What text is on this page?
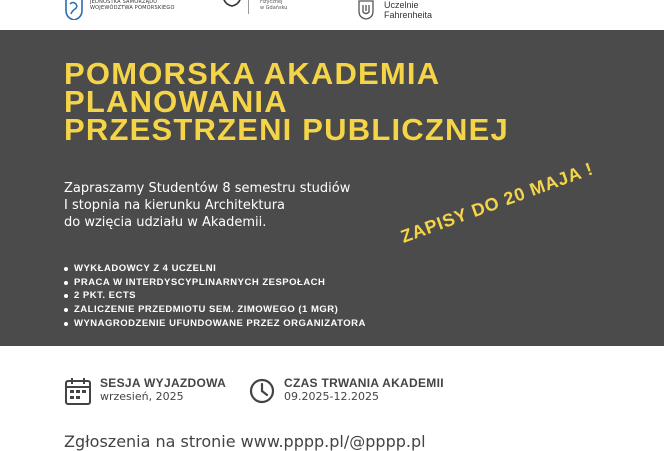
JEDNOSTKA SAMORZĄDU
WOJEWÓDZTWA POMORSKIEGO
Fizycznej
w Gdańsku	Uczelnie
Fahrenheita
POMORSKA AKADEMIA
PLANOWANIA
PRZESTRZENI PUBLICZNEJ
Zapraszamy Studentów 8 semestru studiów
I stopnia na kierunku Architektura
do wzięcia udziału w Akademii.
WYKŁADOWCY Z 4 UCZELNI
PRACA W INTERDYSCYPLINARNYCH ZESPOŁACH
2 PKT. ECTS
ZALICZENIE PRZEDMIOTU SEM. ZIMOWEGO (1 MGR)
WYNAGRODZENIE UFUNDOWANE PRZEZ ORGANIZATORA
ZAPISY DO 20 MAJA !
SESJA WYJAZDOWA
wrzesień, 2025
CZAS TRWANIA AKADEMII
09.2025-12.2025
Zgłoszenia na stronie www.pppp.pl/@pppp.pl
